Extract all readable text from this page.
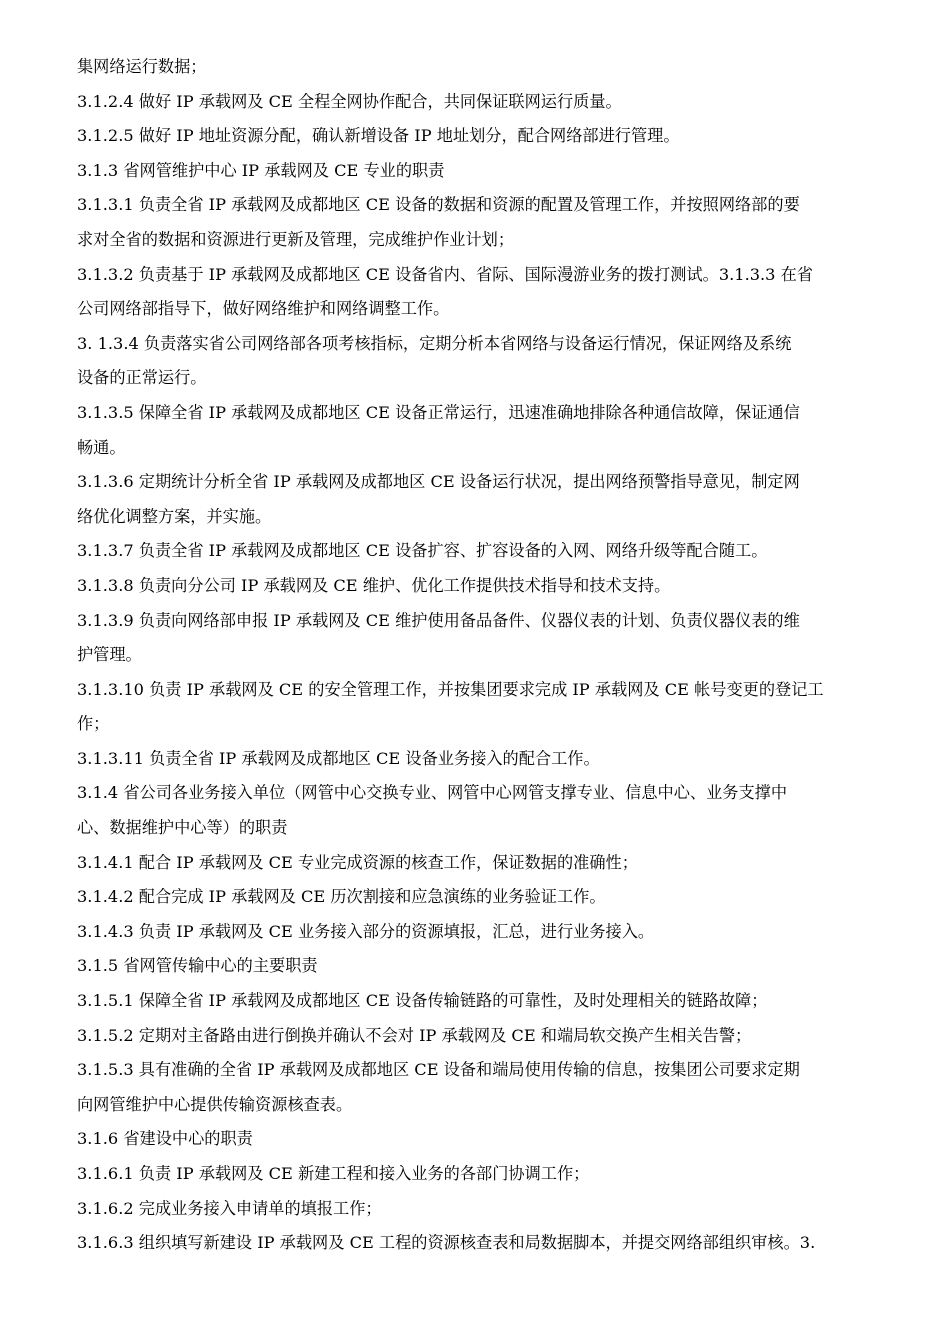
集网络运行数据；
3.1.2.4 做好 IP 承载网及 CE 全程全网协作配合，共同保证联网运行质量。
3.1.2.5 做好 IP 地址资源分配，确认新增设备 IP 地址划分，配合网络部进行管理。
3.1.3 省网管维护中心 IP 承载网及 CE 专业的职责
3.1.3.1 负责全省 IP 承载网及成都地区 CE 设备的数据和资源的配置及管理工作，并按照网络部的要
求对全省的数据和资源进行更新及管理，完成维护作业计划；
3.1.3.2 负责基于 IP 承载网及成都地区 CE 设备省内、省际、国际漫游业务的拨打测试。3.1.3.3 在省
公司网络部指导下，做好网络维护和网络调整工作。
3. 1.3.4 负责落实省公司网络部各项考核指标，定期分析本省网络与设备运行情况，保证网络及系统
设备的正常运行。
3.1.3.5 保障全省 IP 承载网及成都地区 CE 设备正常运行，迅速准确地排除各种通信故障，保证通信
畅通。
3.1.3.6 定期统计分析全省 IP 承载网及成都地区 CE 设备运行状况，提出网络预警指导意见，制定网
络优化调整方案，并实施。
3.1.3.7 负责全省 IP 承载网及成都地区 CE 设备扩容、扩容设备的入网、网络升级等配合随工。
3.1.3.8 负责向分公司 IP 承载网及 CE 维护、优化工作提供技术指导和技术支持。
3.1.3.9 负责向网络部申报 IP 承载网及 CE 维护使用备品备件、仪器仪表的计划、负责仪器仪表的维
护管理。
3.1.3.10 负责 IP 承载网及 CE 的安全管理工作，并按集团要求完成 IP 承载网及 CE 帐号变更的登记工
作；
3.1.3.11 负责全省 IP 承载网及成都地区 CE 设备业务接入的配合工作。
3.1.4 省公司各业务接入单位（网管中心交换专业、网管中心网管支撑专业、信息中心、业务支撑中
心、数据维护中心等）的职责
3.1.4.1 配合 IP 承载网及 CE 专业完成资源的核查工作，保证数据的准确性；
3.1.4.2 配合完成 IP 承载网及 CE 历次割接和应急演练的业务验证工作。
3.1.4.3 负责 IP 承载网及 CE 业务接入部分的资源填报，汇总，进行业务接入。
3.1.5 省网管传输中心的主要职责
3.1.5.1 保障全省 IP 承载网及成都地区 CE 设备传输链路的可靠性，及时处理相关的链路故障；
3.1.5.2 定期对主备路由进行倒换并确认不会对 IP 承载网及 CE 和端局软交换产生相关告警；
3.1.5.3 具有准确的全省 IP 承载网及成都地区 CE 设备和端局使用传输的信息，按集团公司要求定期
向网管维护中心提供传输资源核查表。
3.1.6 省建设中心的职责
3.1.6.1 负责 IP 承载网及 CE 新建工程和接入业务的各部门协调工作；
3.1.6.2 完成业务接入申请单的填报工作；
3.1.6.3 组织填写新建设 IP 承载网及 CE 工程的资源核查表和局数据脚本，并提交网络部组织审核。3.
